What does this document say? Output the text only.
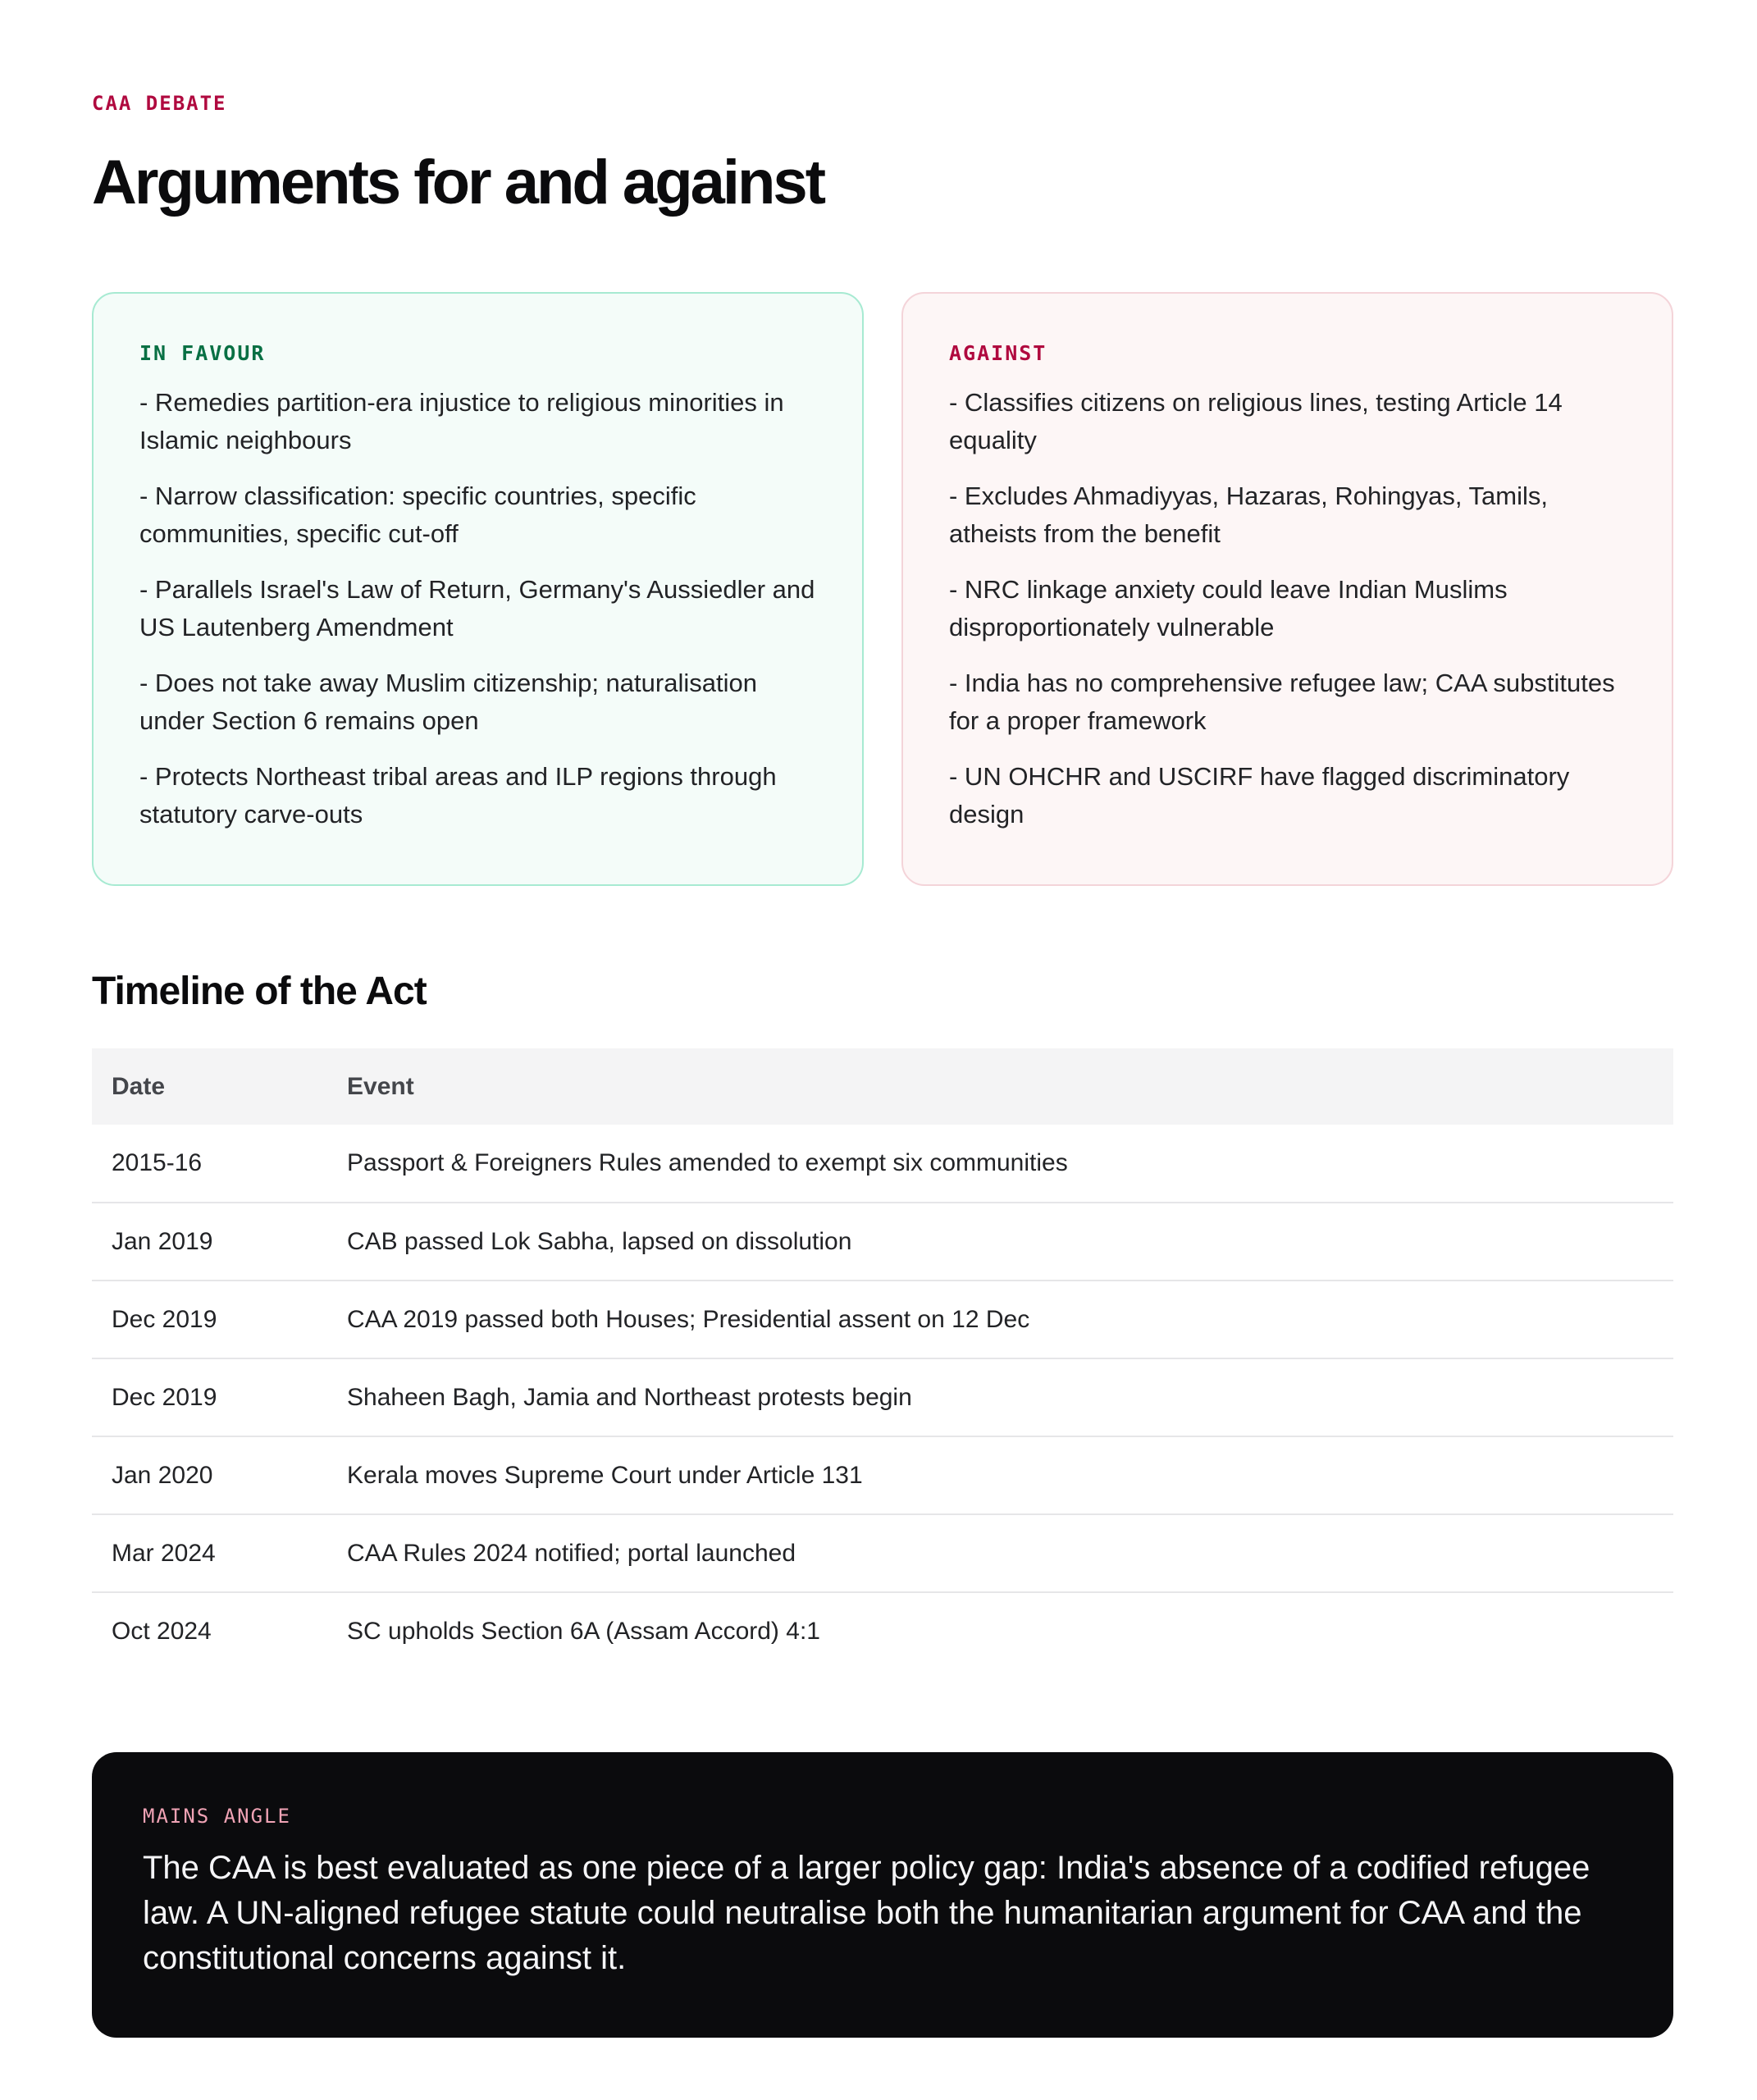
CAA DEBATE
Arguments for and against
IN FAVOUR
- Remedies partition-era injustice to religious minorities in Islamic neighbours
- Narrow classification: specific countries, specific communities, specific cut-off
- Parallels Israel's Law of Return, Germany's Aussiedler and US Lautenberg Amendment
- Does not take away Muslim citizenship; naturalisation under Section 6 remains open
- Protects Northeast tribal areas and ILP regions through statutory carve-outs
AGAINST
- Classifies citizens on religious lines, testing Article 14 equality
- Excludes Ahmadiyyas, Hazaras, Rohingyas, Tamils, atheists from the benefit
- NRC linkage anxiety could leave Indian Muslims disproportionately vulnerable
- India has no comprehensive refugee law; CAA substitutes for a proper framework
- UN OHCHR and USCIRF have flagged discriminatory design
Timeline of the Act
Date	Event
2015-16	Passport & Foreigners Rules amended to exempt six communities
Jan 2019	CAB passed Lok Sabha, lapsed on dissolution
Dec 2019	CAA 2019 passed both Houses; Presidential assent on 12 Dec
Dec 2019	Shaheen Bagh, Jamia and Northeast protests begin
Jan 2020	Kerala moves Supreme Court under Article 131
Mar 2024	CAA Rules 2024 notified; portal launched
Oct 2024	SC upholds Section 6A (Assam Accord) 4:1
MAINS ANGLE

The CAA is best evaluated as one piece of a larger policy gap: India's absence of a codified refugee law. A UN-aligned refugee statute could neutralise both the humanitarian argument for CAA and the constitutional concerns against it.
